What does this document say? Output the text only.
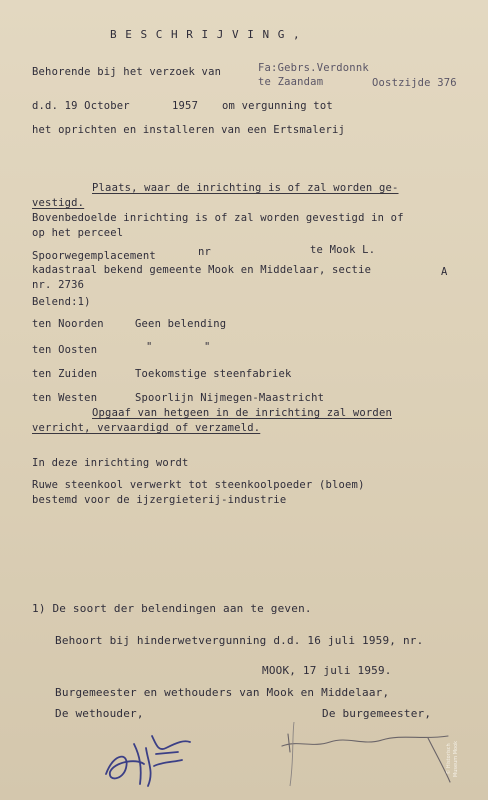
B E S C H R I J V I N G ,
Behorende bij het verzoek van	Fa:Gebrs.Verdonnk
te Zaandam	Oostzijde 376
d.d. 19 October	1957 om vergunning tot
het oprichten en installeren van een Ertsmalerij
Plaats, waar de inrichting is of zal worden ge-
vestigd.
Bovenbedoelde inrichting is of zal worden gevestigd in of
op het perceel
Spoorwegemplacement	nr	te Mook L.
kadastraal bekend gemeente Mook en Middelaar, sectie	A
nr. 2736
Belend:1)
ten Noorden	Geen belending
ten Oosten	"	"
ten Zuiden	Toekomstige steenfabriek
ten Westen	Spoorlijn Nijmegen-Maastricht
Opgaaf van hetgeen in de inrichting zal worden
verricht, vervaardigd of verzameld.
In deze inrichting wordt
Ruwe steenkool verwerkt tot steenkoolpoeder (bloem)
bestemd voor de ijzergieterij-industrie
1) De soort der belendingen aan te geven.
Behoort bij hinderwetvergunning d.d. 16 juli 1959, nr.
MOOK, 17 juli 1959.
Burgemeester en wethouders van Mook en Middelaar,
De wethouder,	De burgemeester,
© Historisch Museum Mook
